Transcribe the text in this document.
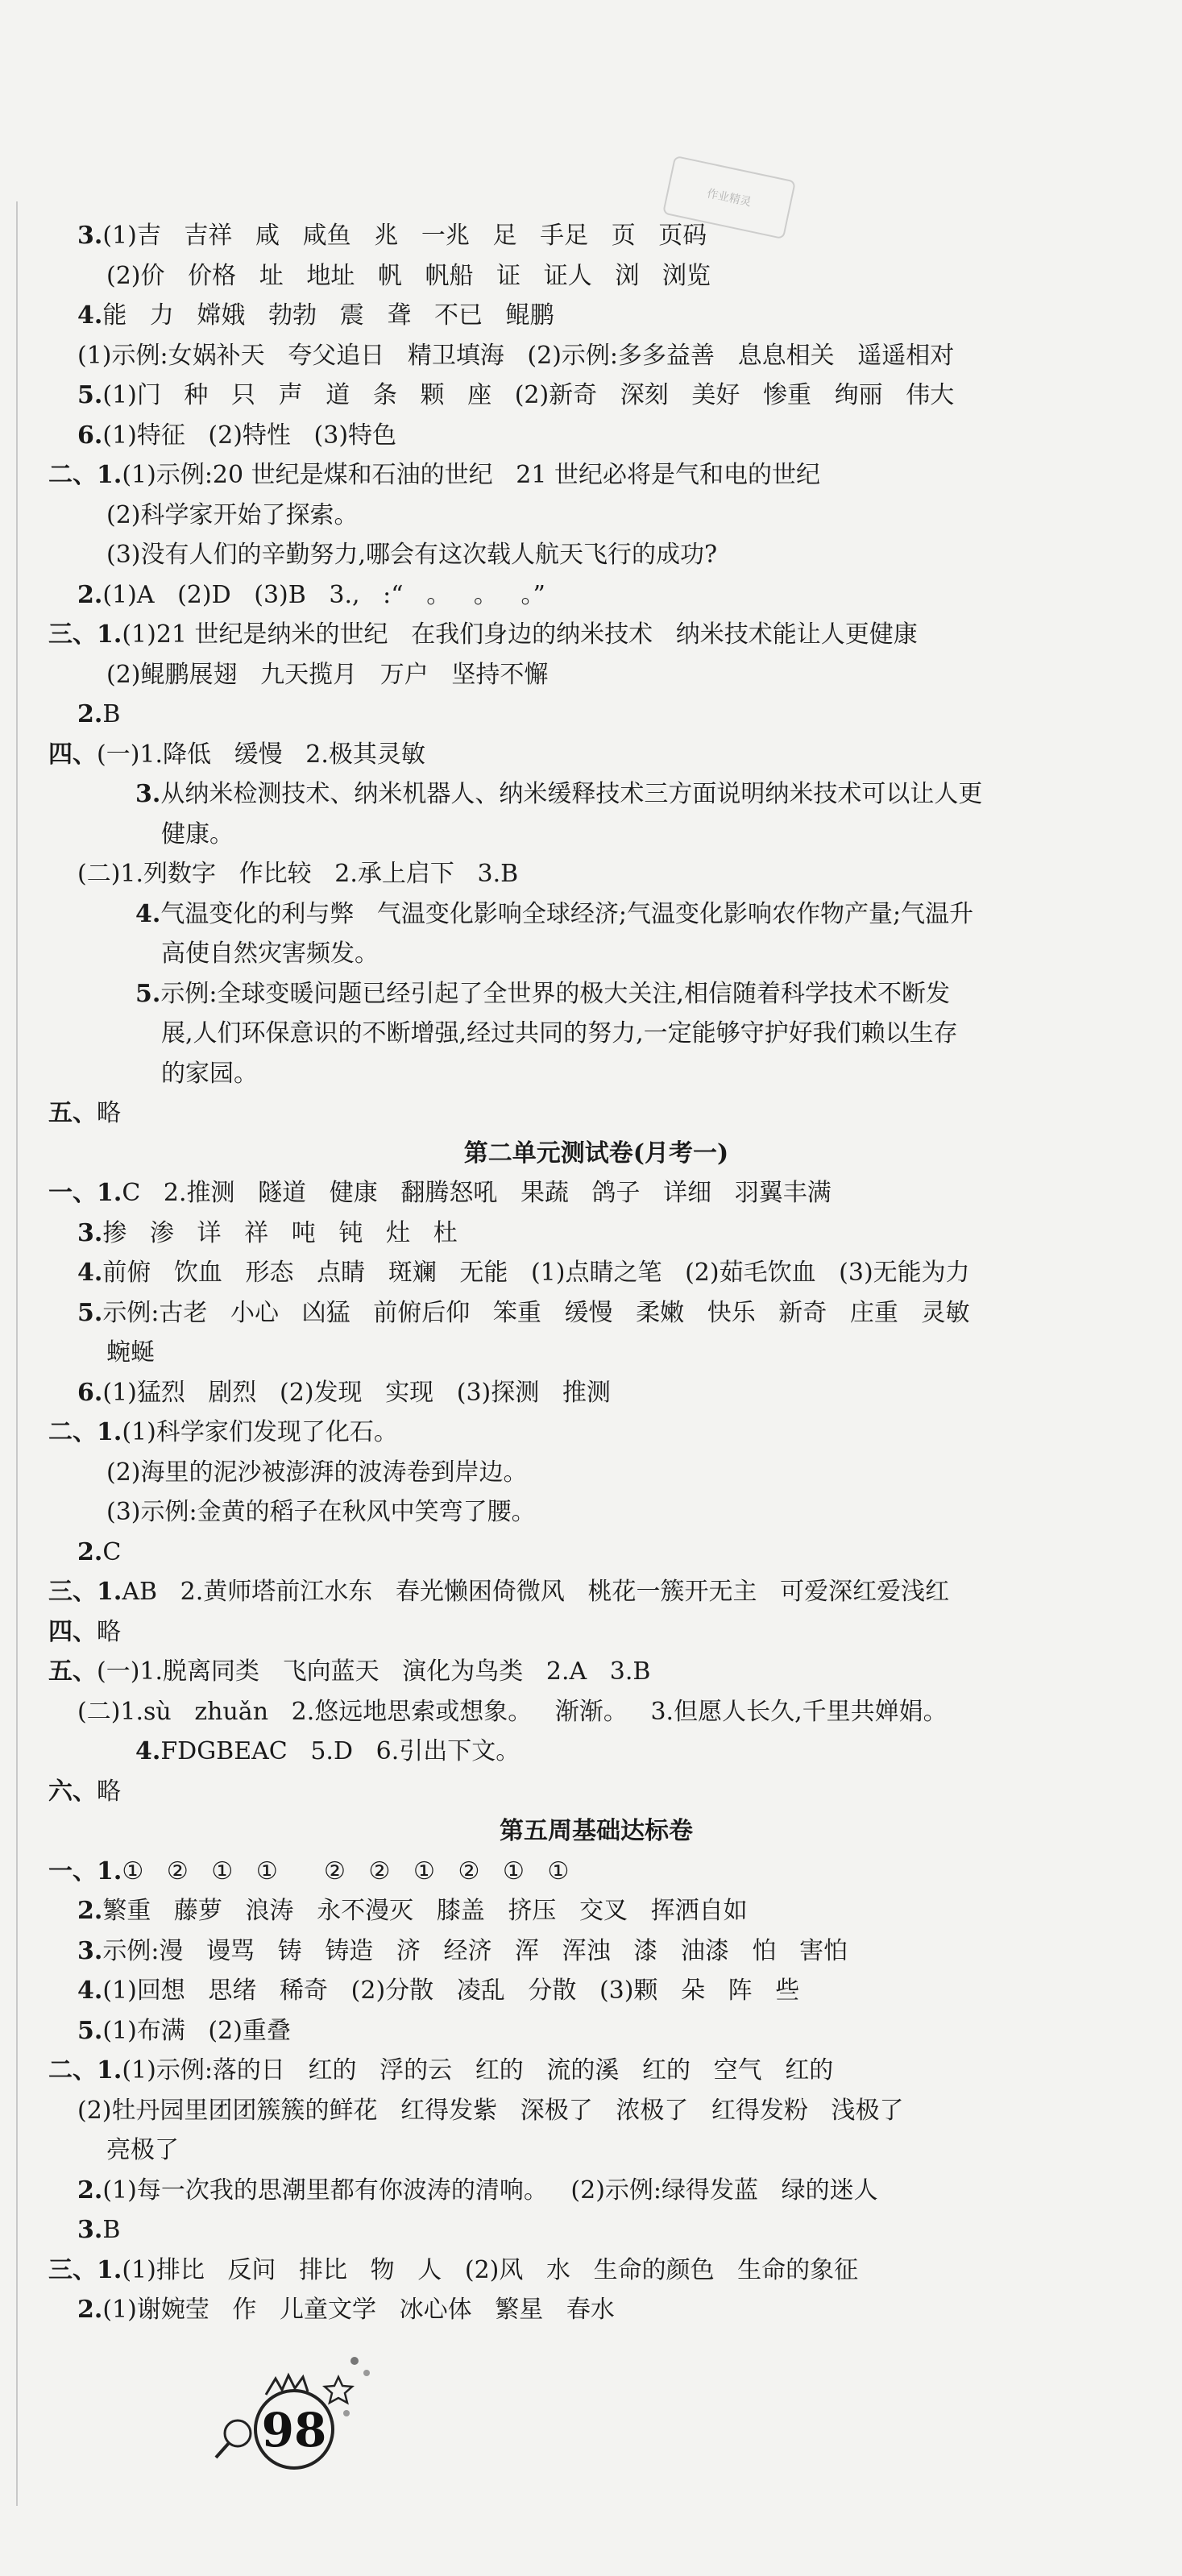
作业精灵
3.(1)吉   吉祥   咸   咸鱼   兆   一兆   足   手足   页   页码
(2)价   价格   址   地址   帆   帆船   证   证人   浏   浏览
4.能   力   嫦娥   勃勃   震   聋   不已   鲲鹏
(1)示例:女娲补天   夸父追日   精卫填海   (2)示例:多多益善   息息相关   遥遥相对
5.(1)门   种   只   声   道   条   颗   座   (2)新奇   深刻   美好   惨重   绚丽   伟大
6.(1)特征   (2)特性   (3)特色
二、1.(1)示例:20 世纪是煤和石油的世纪   21 世纪必将是气和电的世纪
(2)科学家开始了探索。
(3)没有人们的辛勤努力,哪会有这次载人航天飞行的成功?
2.(1)A   (2)D   (3)B   3.,   :“   。   。   。”
三、1.(1)21 世纪是纳米的世纪   在我们身边的纳米技术   纳米技术能让人更健康
(2)鲲鹏展翅   九天揽月   万户   坚持不懈
2.B
四、(一)1.降低   缓慢   2.极其灵敏
3.从纳米检测技术、纳米机器人、纳米缓释技术三方面说明纳米技术可以让人更
健康。
(二)1.列数字   作比较   2.承上启下   3.B
4.气温变化的利与弊   气温变化影响全球经济;气温变化影响农作物产量;气温升
高使自然灾害频发。
5.示例:全球变暖问题已经引起了全世界的极大关注,相信随着科学技术不断发
展,人们环保意识的不断增强,经过共同的努力,一定能够守护好我们赖以生存
的家园。
五、略
第二单元测试卷(月考一)
一、1.C   2.推测   隧道   健康   翻腾怒吼   果蔬   鸽子   详细   羽翼丰满
3.掺   渗   详   祥   吨   钝   灶   杜
4.前俯   饮血   形态   点睛   斑斓   无能   (1)点睛之笔   (2)茹毛饮血   (3)无能为力
5.示例:古老   小心   凶猛   前俯后仰   笨重   缓慢   柔嫩   快乐   新奇   庄重   灵敏
蜿蜒
6.(1)猛烈   剧烈   (2)发现   实现   (3)探测   推测
二、1.(1)科学家们发现了化石。
(2)海里的泥沙被澎湃的波涛卷到岸边。
(3)示例:金黄的稻子在秋风中笑弯了腰。
2.C
三、1.AB   2.黄师塔前江水东   春光懒困倚微风   桃花一簇开无主   可爱深红爱浅红
四、略
五、(一)1.脱离同类   飞向蓝天   演化为鸟类   2.A   3.B
(二)1.sù   zhuǎn   2.悠远地思索或想象。   渐渐。   3.但愿人长久,千里共婵娟。
4.FDGBEAC   5.D   6.引出下文。
六、略
第五周基础达标卷
一、1.①   ②   ①   ①      ②   ②   ①   ②   ①   ①
2.繁重   藤萝   浪涛   永不漫灭   膝盖   挤压   交叉   挥洒自如
3.示例:漫   谩骂   铸   铸造   济   经济   浑   浑浊   漆   油漆   怕   害怕
4.(1)回想   思绪   稀奇   (2)分散   凌乱   分散   (3)颗   朵   阵   些
5.(1)布满   (2)重叠
二、1.(1)示例:落的日   红的   浮的云   红的   流的溪   红的   空气   红的
(2)牡丹园里团团簇簇的鲜花   红得发紫   深极了   浓极了   红得发粉   浅极了
亮极了
2.(1)每一次我的思潮里都有你波涛的清响。   (2)示例:绿得发蓝   绿的迷人
3.B
三、1.(1)排比   反问   排比   物   人   (2)风   水   生命的颜色   生命的象征
2.(1)谢婉莹   作   儿童文学   冰心体   繁星   春水
98
